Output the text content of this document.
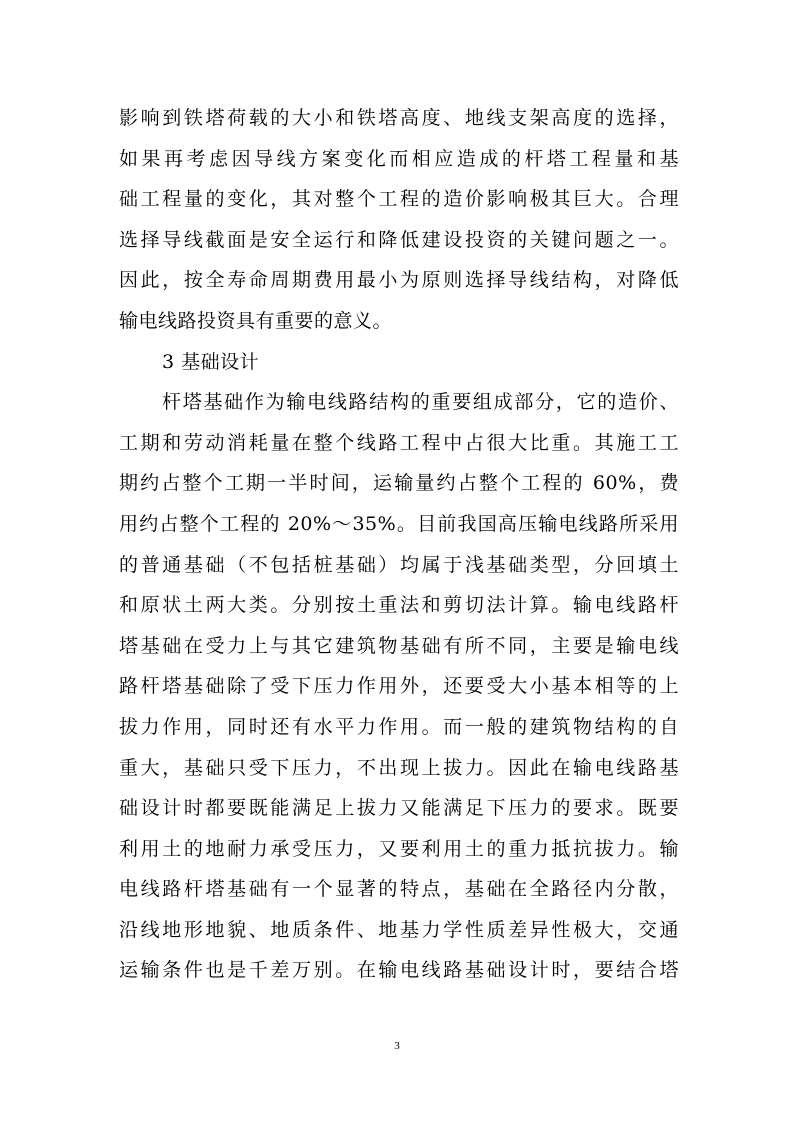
影响到铁塔荷载的大小和铁塔高度、地线支架高度的选择，
如果再考虑因导线方案变化而相应造成的杆塔工程量和基
础工程量的变化，其对整个工程的造价影响极其巨大。合理
选择导线截面是安全运行和降低建设投资的关键问题之一。
因此，按全寿命周期费用最小为原则选择导线结构，对降低
输电线路投资具有重要的意义。
3 基础设计
杆塔基础作为输电线路结构的重要组成部分，它的造价、
工期和劳动消耗量在整个线路工程中占很大比重。其施工工
期约占整个工期一半时间，运输量约占整个工程的 60%，费
用约占整个工程的 20%～35%。目前我国高压输电线路所采用
的普通基础（不包括桩基础）均属于浅基础类型，分回填土
和原状土两大类。分别按土重法和剪切法计算。输电线路杆
塔基础在受力上与其它建筑物基础有所不同，主要是输电线
路杆塔基础除了受下压力作用外，还要受大小基本相等的上
拔力作用，同时还有水平力作用。而一般的建筑物结构的自
重大，基础只受下压力，不出现上拔力。因此在输电线路基
础设计时都要既能满足上拔力又能满足下压力的要求。既要
利用土的地耐力承受压力，又要利用土的重力抵抗拔力。输
电线路杆塔基础有一个显著的特点，基础在全路径内分散，
沿线地形地貌、地质条件、地基力学性质差异性极大，交通
运输条件也是千差万别。在输电线路基础设计时，要结合塔
3
